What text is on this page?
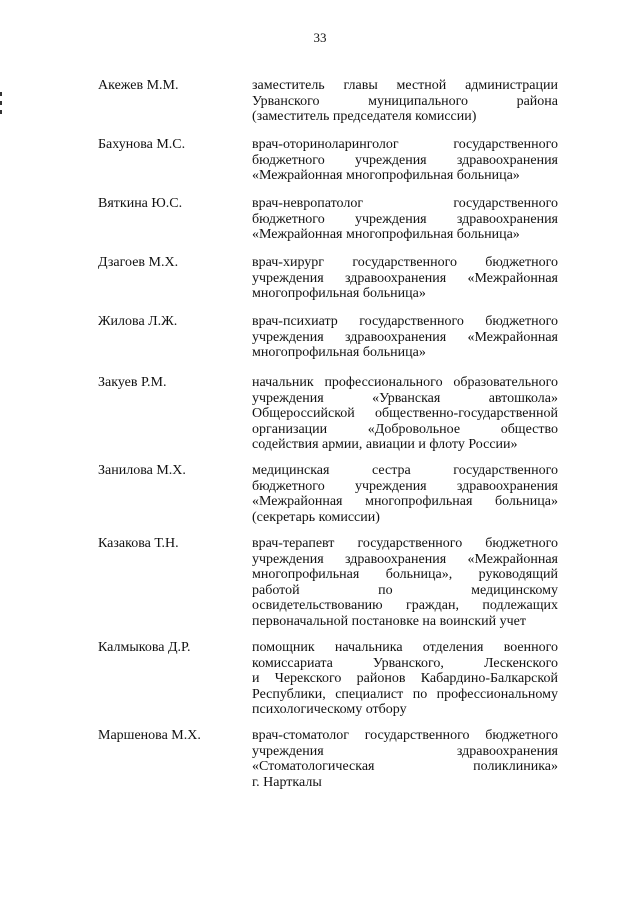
33
Акежев М.М.	заместитель главы местной администрации
Урванского	муниципального	района
(заместитель председателя комиссии)
Бахунова М.С.	врач-оториноларинголог	государственного
бюджетного учреждения здравоохранения
«Межрайонная многопрофильная больница»
Вяткина Ю.С.	врач-невропатолог	государственного
бюджетного учреждения здравоохранения
«Межрайонная многопрофильная больница»
Дзагоев М.Х.	врач-хирург государственного бюджетного
учреждения здравоохранения «Межрайонная
многопрофильная больница»
Жилова Л.Ж.	врач-психиатр государственного бюджетного
учреждения здравоохранения «Межрайонная
многопрофильная больница»
Закуев Р.М.	начальник профессионального образовательного
учреждения	«Урванская	автошкола»
Общероссийской общественно-государственной
организации	«Добровольное	общество
содействия армии, авиации и флоту России»
Занилова М.Х.	медицинская	сестра	государственного
бюджетного учреждения здравоохранения
«Межрайонная многопрофильная больница»
(секретарь комиссии)
Казакова Т.Н.	врач-терапевт государственного бюджетного
учреждения здравоохранения «Межрайонная
многопрофильная больница», руководящий
работой	по	медицинскому
освидетельствованию граждан, подлежащих
первоначальной постановке на воинский учет
Калмыкова Д.Р.	помощник начальника отделения военного
комиссариата	Урванского,	Лескенского
и Черекского районов Кабардино-Балкарской
Республики, специалист по профессиональному
психологическому отбору
Маршенова М.Х.	врач-стоматолог государственного бюджетного
учреждения	здравоохранения
«Стоматологическая	поликлиника»
г. Нарткалы
